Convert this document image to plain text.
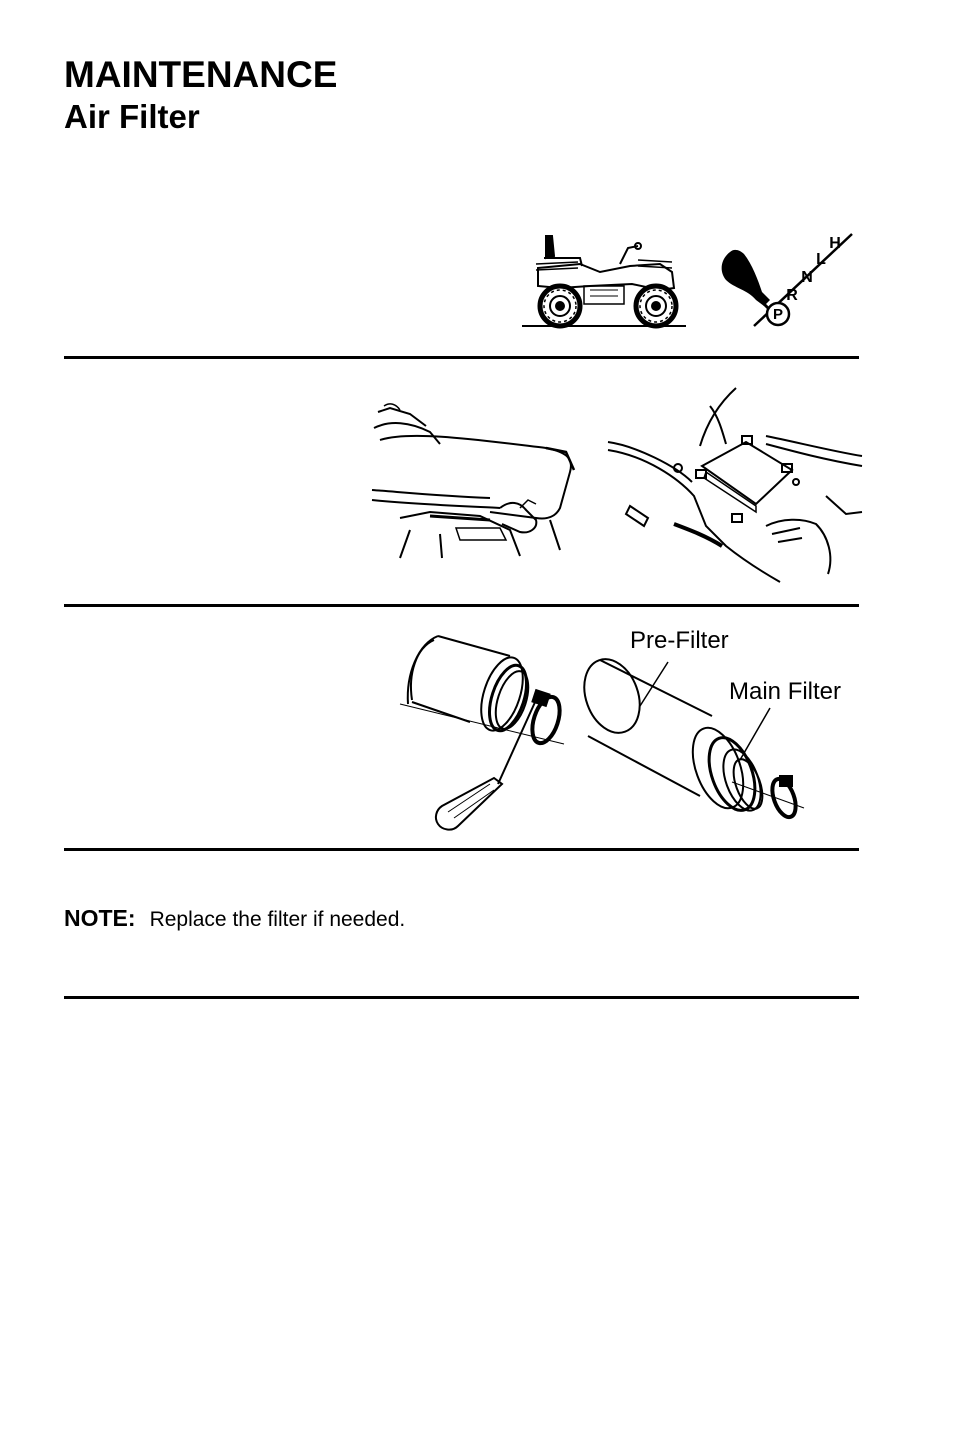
MAINTENANCE
Air Filter
P
R
N
L
H
Pre-Filter
Main Filter
NOTE: Replace the filter if needed.
